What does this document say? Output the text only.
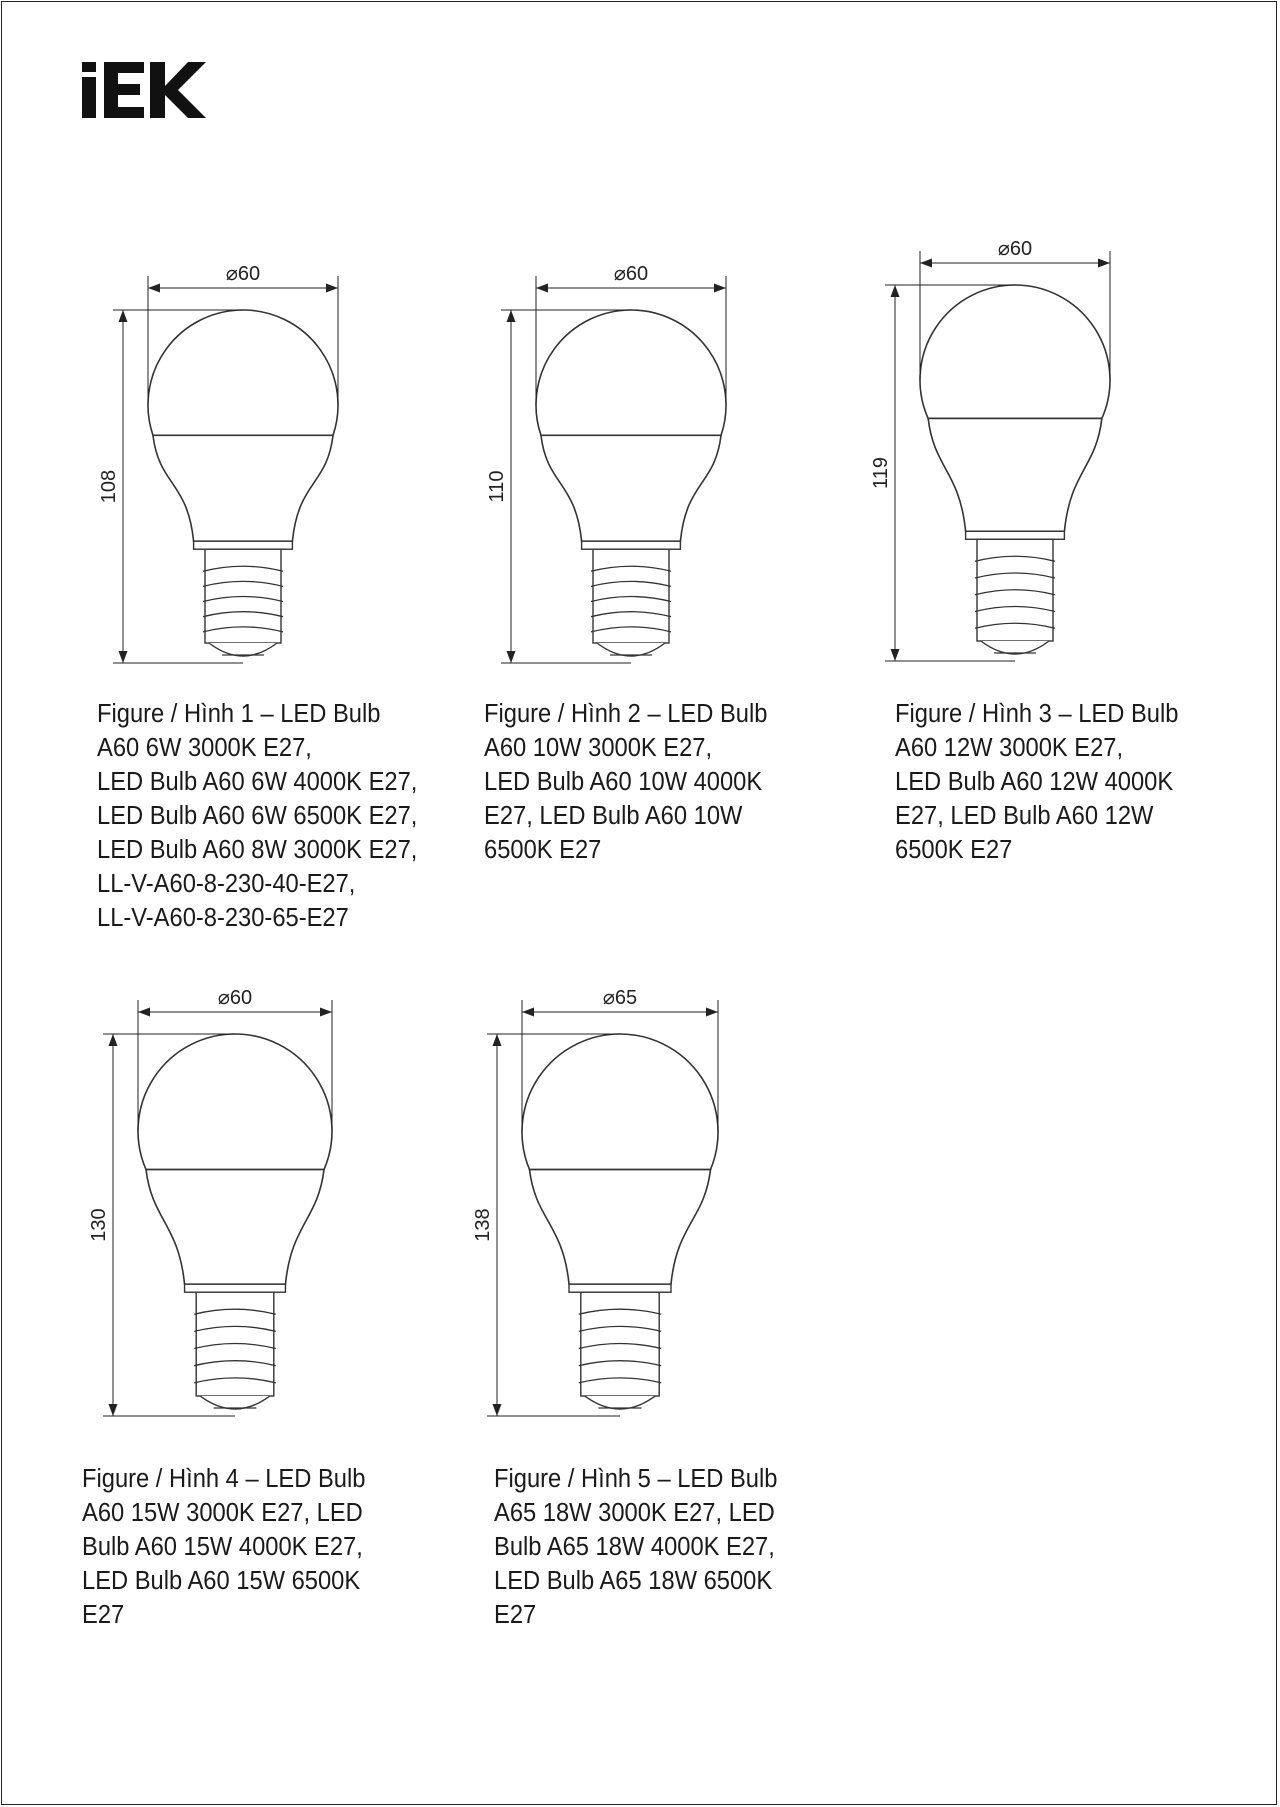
⌀60
108
Figure / Hình 1 – LED Bulb
A60 6W 3000K E27,
LED Bulb A60 6W 4000K E27,
LED Bulb A60 6W 6500K E27,
LED Bulb A60 8W 3000K E27,
LL-V-A60-8-230-40-E27,
LL-V-A60-8-230-65-E27
⌀60
110
Figure / Hình 2 – LED Bulb
A60 10W 3000K E27,
LED Bulb A60 10W 4000K
E27, LED Bulb A60 10W
6500K E27
⌀60
119
Figure / Hình 3 – LED Bulb
A60 12W 3000K E27,
LED Bulb A60 12W 4000K
E27, LED Bulb A60 12W
6500K E27
⌀60
130
Figure / Hình 4 – LED Bulb
A60 15W 3000K E27, LED
Bulb A60 15W 4000K E27,
LED Bulb A60 15W 6500K
E27
⌀65
138
Figure / Hình 5 – LED Bulb
A65 18W 3000K E27, LED
Bulb A65 18W 4000K E27,
LED Bulb A65 18W 6500K
E27
